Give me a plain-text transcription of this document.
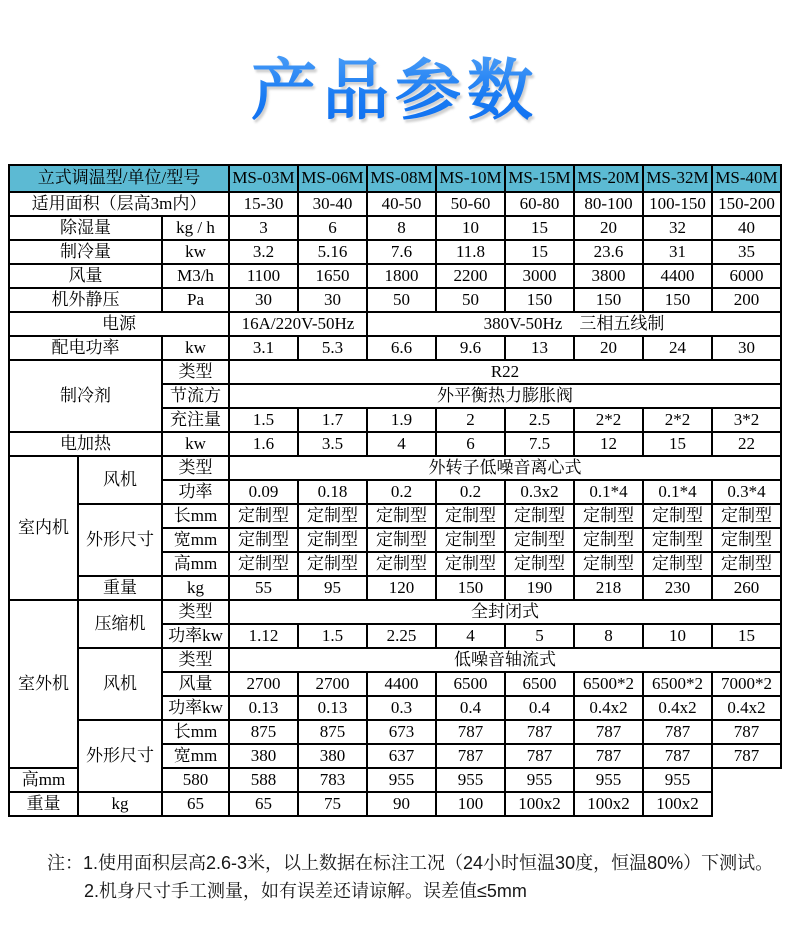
产品参数
立式调温型/单位/型号			MS-03M	MS-06M	MS-08M	MS-10M	MS-15M	MS-20M	MS-32M	MS-40M
适用面积（层高3m内）			15-30	30-40	40-50	50-60	60-80	80-100	100-150	150-200
除湿量		kg / h	3	6	8	10	15	20	32	40
制冷量		kw	3.2	5.16	7.6	11.8	15	23.6	31	35
风量		M3/h	1100	1650	1800	2200	3000	3800	4400	6000
机外静压		Pa	30	30	50	50	150	150	150	200
电源			16A/220V-50Hz		380V-50Hz　三相五线制					
配电功率		kw	3.1	5.3	6.6	9.6	13	20	24	30
制冷剂		类型	R22							
		节流方	外平衡热力膨胀阀							
		充注量	1.5	1.7	1.9	2	2.5	2*2	2*2	3*2
电加热		kw	1.6	3.5	4	6	7.5	12	15	22
室内机	风机	类型	外转子低噪音离心式							
		功率	0.09	0.18	0.2	0.2	0.3x2	0.1*4	0.1*4	0.3*4
	外形尺寸	长mm	定制型	定制型	定制型	定制型	定制型	定制型	定制型	定制型
		宽mm	定制型	定制型	定制型	定制型	定制型	定制型	定制型	定制型
		高mm	定制型	定制型	定制型	定制型	定制型	定制型	定制型	定制型
	重量	kg	55	95	120	150	190	218	230	260
室外机	压缩机	类型	全封闭式							
		功率kw	1.12	1.5	2.25	4	5	8	10	15
	风机	类型	低噪音轴流式							
		风量	2700	2700	4400	6500	6500	6500*2	6500*2	7000*2
		功率kw	0.13	0.13	0.3	0.4	0.4	0.4x2	0.4x2	0.4x2
	外形尺寸	长mm	875	875	673	787	787	787	787	787
		宽mm	380	380	637	787	787	787	787	787
高mm		580	588	783	955	955	955	955	955	
重量	kg	65	65	75	90	100	100x2	100x2	100x2	
注：1.使用面积层高2.6-3米，以上数据在标注工况（24小时恒温30度，恒温80%）下测试。
2.机身尺寸手工测量，如有误差还请谅解。误差值≤5mm
